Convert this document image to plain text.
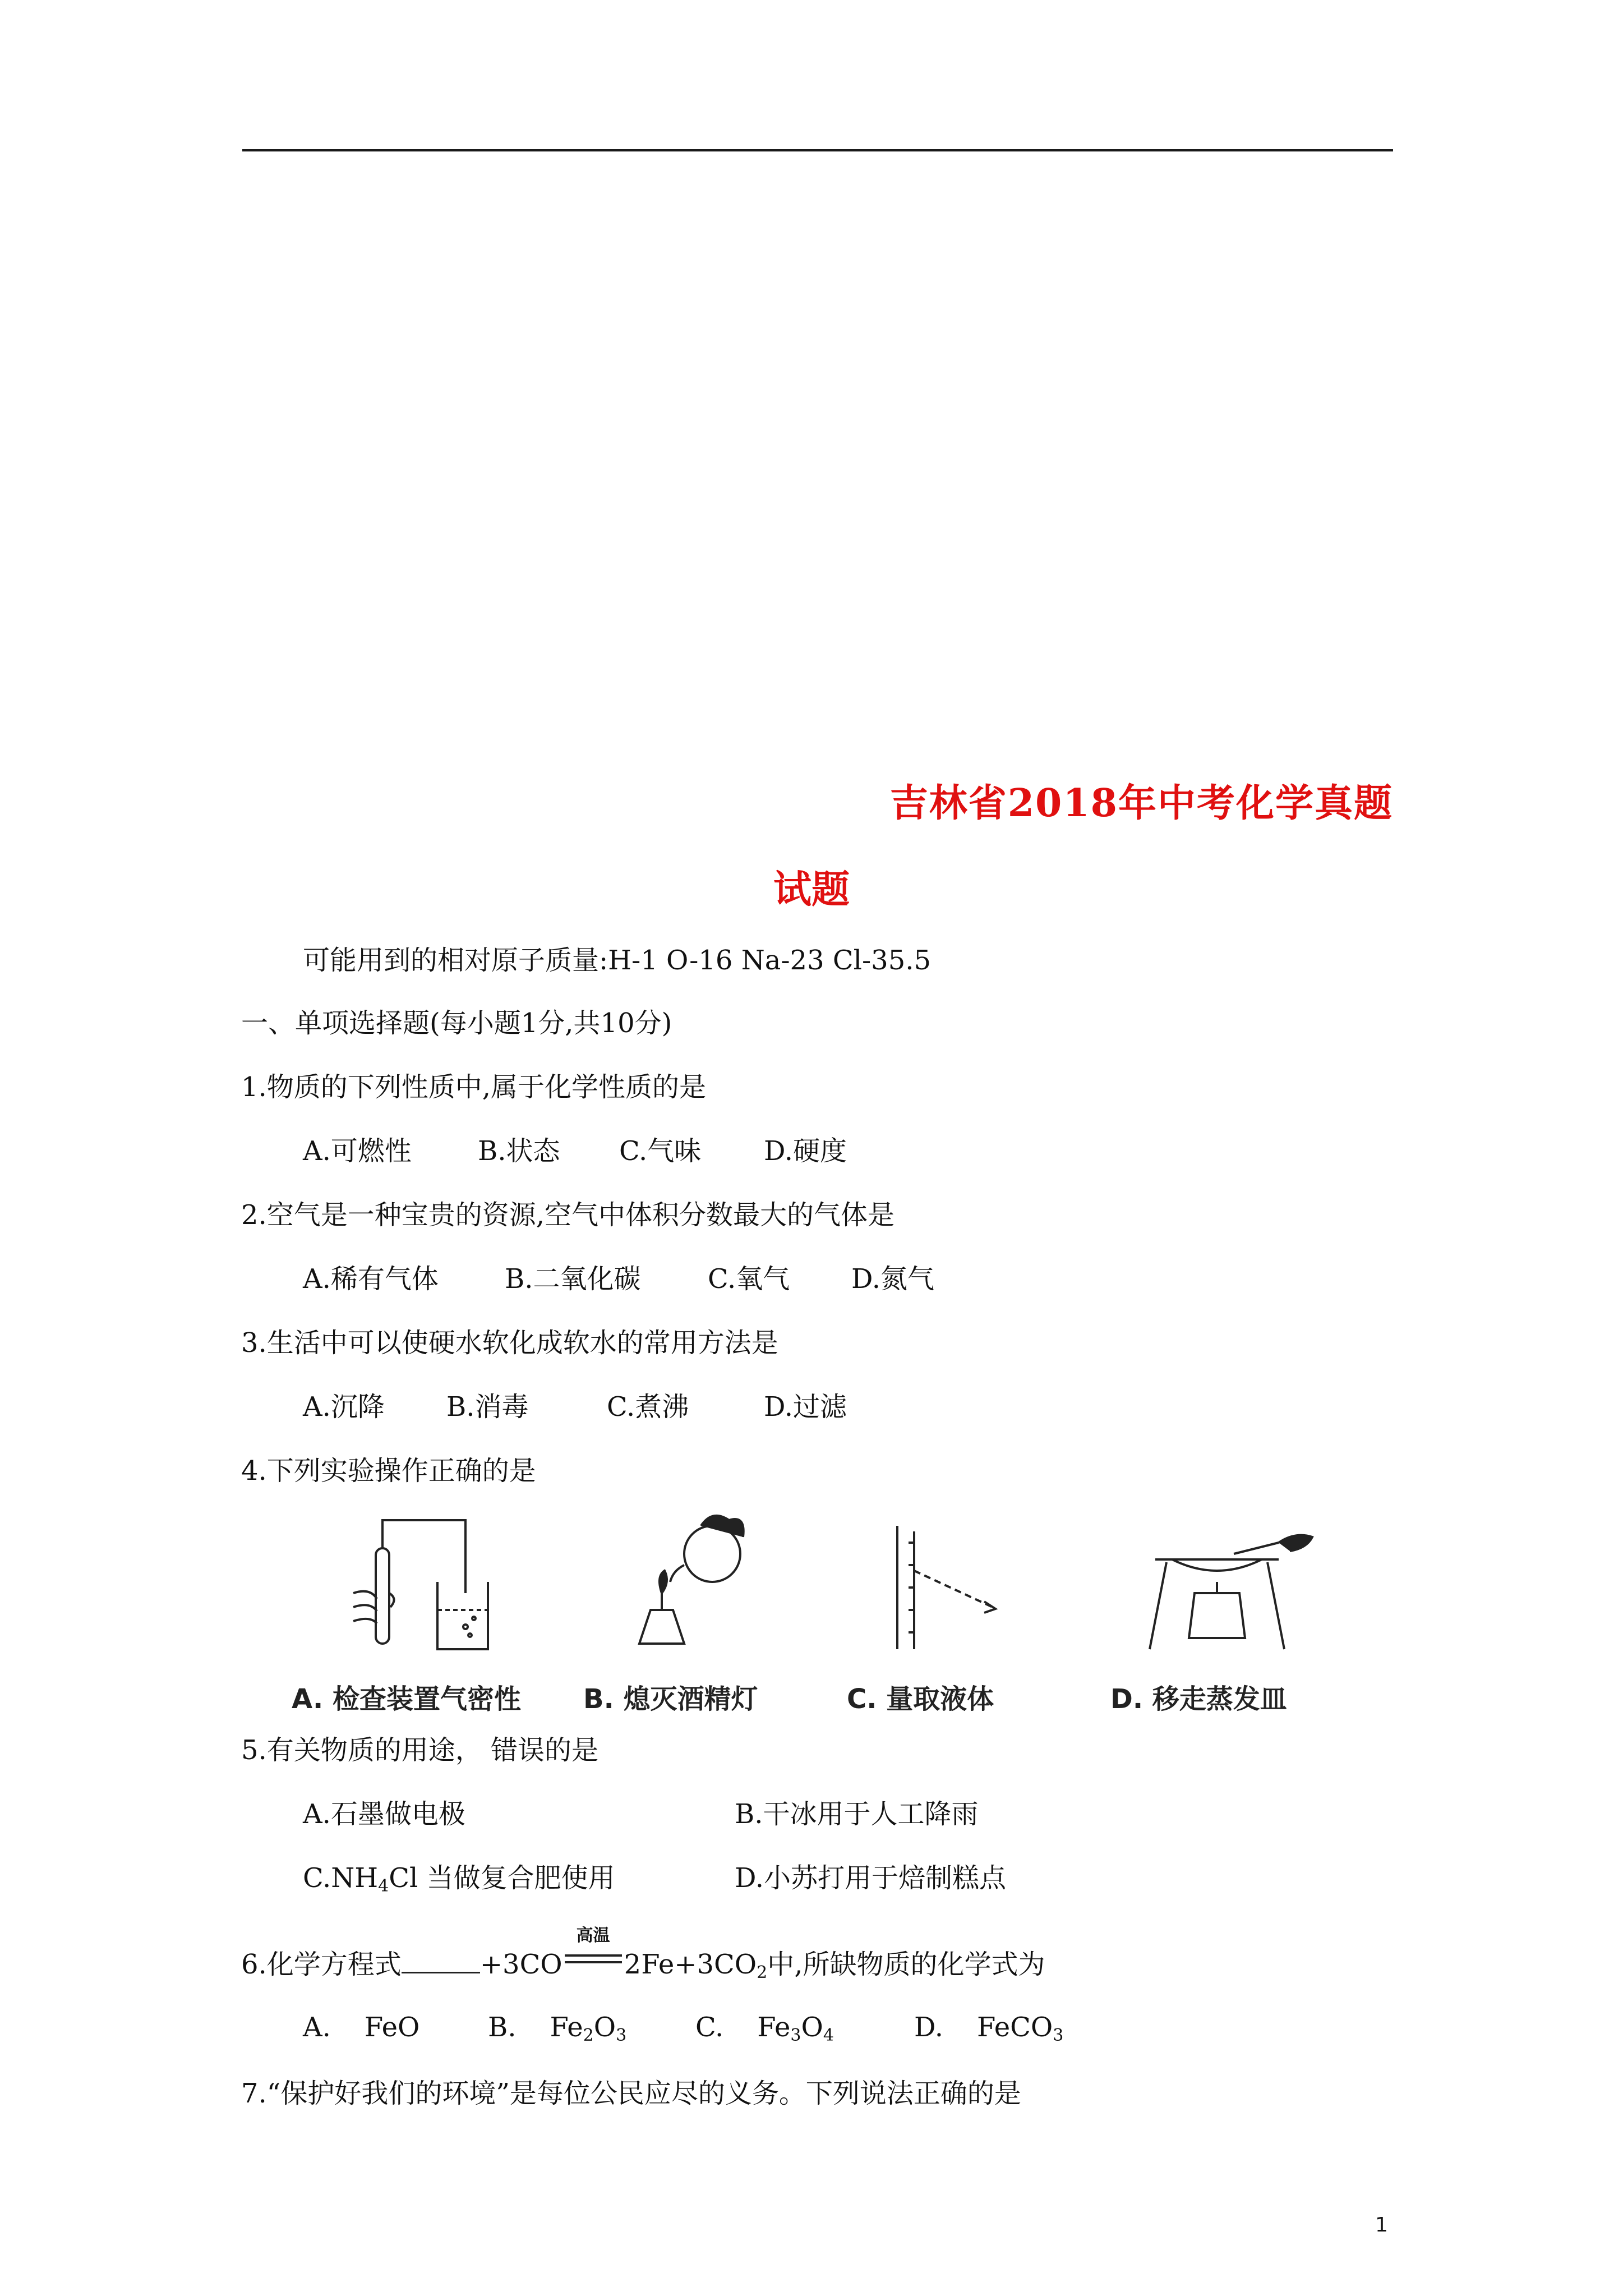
吉林省2018年中考化学真题
试题
可能用到的相对原子质量:H-1 O-16 Na-23 Cl-35.5
一、单项选择题(每小题1分,共10分)
1.物质的下列性质中,属于化学性质的是
A.可燃性 B.状态 C.气味 D.硬度
2.空气是一种宝贵的资源,空气中体积分数最大的气体是
A.稀有气体 B.二氧化碳 C.氧气 D.氮气
3.生活中可以使硬水软化成软水的常用方法是
A.沉降 B.消毒	C.煮沸	D.过滤
4.下列实验操作正确的是
A. 检查装置气密性 B. 熄灭酒精灯	C. 量取液体	D. 移走蒸发皿
5.有关物质的用途， 错误的是
A.石墨做电极	B.干冰用于人工降雨
$C.NH_4Cl$ 当做复合肥使用	D.小苏打用于焙制糕点
6.化学方程式	+3CO
高温
$2Fe+3CO_2$中,所缺物质的化学式为
A. FeO	B. $Fe_2O_3$	C. $Fe_3O_4$	D. FeCO$_3$
7.“保护好我们的环境”是每位公民应尽的义务。下列说法正确的是
1
